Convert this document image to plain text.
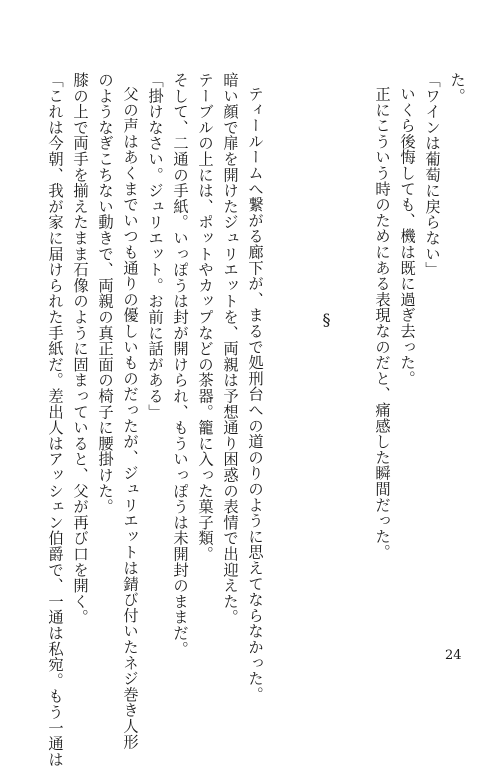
た。
「ワインは葡萄に戻らない」
いくら後悔しても、機は既に過ぎ去った。
正にこういう時のためにある表現なのだと、痛感した瞬間だった。
§
ティールームへ繋がる廊下が、まるで処刑台への道のりのように思えてならなかった。
暗い顔で扉を開けたジュリエットを、両親は予想通り困惑の表情で出迎えた。
テーブルの上には、ポットやカップなどの茶器。籠に入った菓子類。
そして、二通の手紙。いっぽうは封が開けられ、もういっぽうは未開封のままだ。
「掛けなさい。ジュリエット。お前に話がある」
父の声はあくまでいつも通りの優しいものだったが、ジュリエットは錆び付いたネジ巻き人形
のようなぎこちない動きで、両親の真正面の椅子に腰掛けた。
膝の上で両手を揃えたまま石像のように固まっていると、父が再び口を開く。
「これは今朝、我が家に届けられた手紙だ。差出人はアッシェン伯爵で、一通は私宛。もう一通は	24
